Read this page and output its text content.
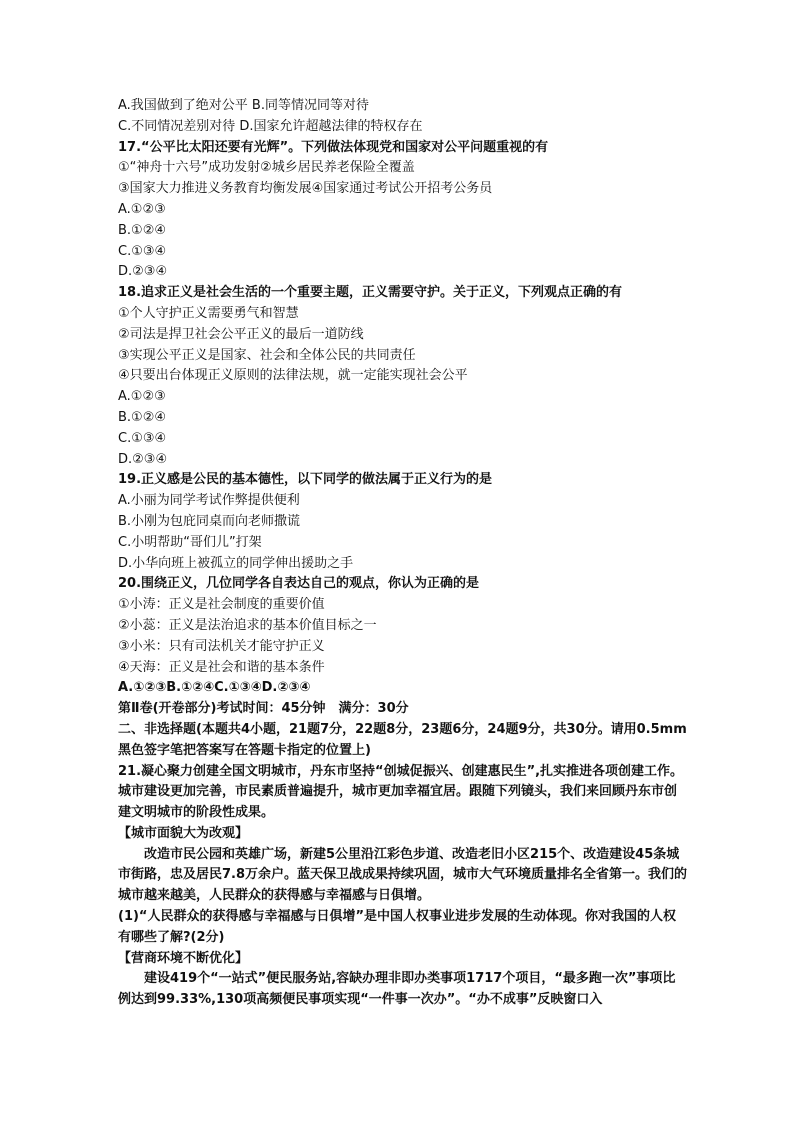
A.我国做到了绝对公平 B.同等情况同等对待
C.不同情况差别对待 D.国家允许超越法律的特权存在
17.“公平比太阳还要有光辉”。下列做法体现党和国家对公平问题重视的有
①“神舟十六号”成功发射②城乡居民养老保险全覆盖
③国家大力推进义务教育均衡发展④国家通过考试公开招考公务员
A.①②③
B.①②④
C.①③④
D.②③④
18.追求正义是社会生活的一个重要主题，正义需要守护。关于正义，下列观点正确的有
①个人守护正义需要勇气和智慧
②司法是捍卫社会公平正义的最后一道防线
③实现公平正义是国家、社会和全体公民的共同责任
④只要出台体现正义原则的法律法规，就一定能实现社会公平
A.①②③
B.①②④
C.①③④
D.②③④
19.正义感是公民的基本德性，以下同学的做法属于正义行为的是
A.小丽为同学考试作弊提供便利
B.小刚为包庇同桌而向老师撒谎
C.小明帮助“哥们儿”打架
D.小华向班上被孤立的同学伸出援助之手
20.围绕正义，几位同学各自表达自己的观点，你认为正确的是
①小涛：正义是社会制度的重要价值
②小蕊：正义是法治追求的基本价值目标之一
③小米：只有司法机关才能守护正义
④天海：正义是社会和谐的基本条件
A.①②③B.①②④C.①③④D.②③④
第Ⅱ卷(开卷部分)考试时间：45分钟　满分：30分

二、非选择题(本题共4小题，21题7分，22题8分，23题6分，24题9分，共30分。请用0.5mm黑色签字笔把答案写在答题卡指定的位置上)

21.凝心聚力创建全国文明城市，丹东市坚持“创城促振兴、创建惠民生”,扎实推进各项创建工作。城市建设更加完善，市民素质普遍提升，城市更加幸福宜居。跟随下列镜头，我们来回顾丹东市创建文明城市的阶段性成果。

【城市面貌大为改观】

改造市民公园和英雄广场，新建5公里沿江彩色步道、改造老旧小区215个、改造建设45条城市街路，忠及居民7.8万余户。蓝天保卫战成果持续巩固，城市大气环境质量排名全省第一。我们的城市越来越美，人民群众的获得感与幸福感与日俱增。

(1)“人民群众的获得感与幸福感与日俱增”是中国人权事业进步发展的生动体现。你对我国的人权有哪些了解?(2分)

【营商环境不断优化】

建设419个“一站式”便民服务站,容缺办理非即办类事项1717个项目，“最多跑一次”事项比例达到99.33%,130项高频便民事项实现“一件事一次办”。“办不成事”反映窗口入
